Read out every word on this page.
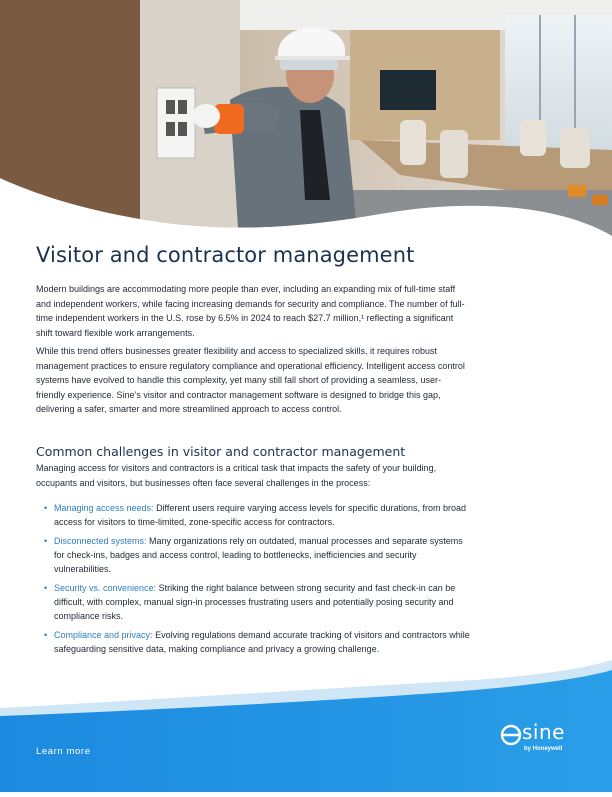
Visitor and contractor management

Modern buildings are accommodating more people than ever, including an expanding mix of full-time staff and independent workers, while facing increasing demands for security and compliance. The number of full-time independent workers in the U.S. rose by 6.5% in 2024 to reach $27.7 million,¹ reflecting a significant shift toward flexible work arrangements.

While this trend offers businesses greater flexibility and access to specialized skills, it requires robust management practices to ensure regulatory compliance and operational efficiency. Intelligent access control systems have evolved to handle this complexity, yet many still fall short of providing a seamless, user-friendly experience. Sine’s visitor and contractor management software is designed to bridge this gap, delivering a safer, smarter and more streamlined approach to access control.

Common challenges in visitor and contractor management

Managing access for visitors and contractors is a critical task that impacts the safety of your building, occupants and visitors, but businesses often face several challenges in the process:

• Managing access needs: Different users require varying access levels for specific durations, from broad access for visitors to time-limited, zone-specific access for contractors.
• Disconnected systems: Many organizations rely on outdated, manual processes and separate systems for check-ins, badges and access control, leading to bottlenecks, inefficiencies and security vulnerabilities.
• Security vs. convenience: Striking the right balance between strong security and fast check-in can be difficult, with complex, manual sign-in processes frustrating users and potentially posing security and compliance risks.
• Compliance and privacy: Evolving regulations demand accurate tracking of visitors and contractors while safeguarding sensitive data, making compliance and privacy a growing challenge.
Learn more
sine
by Honeywell
